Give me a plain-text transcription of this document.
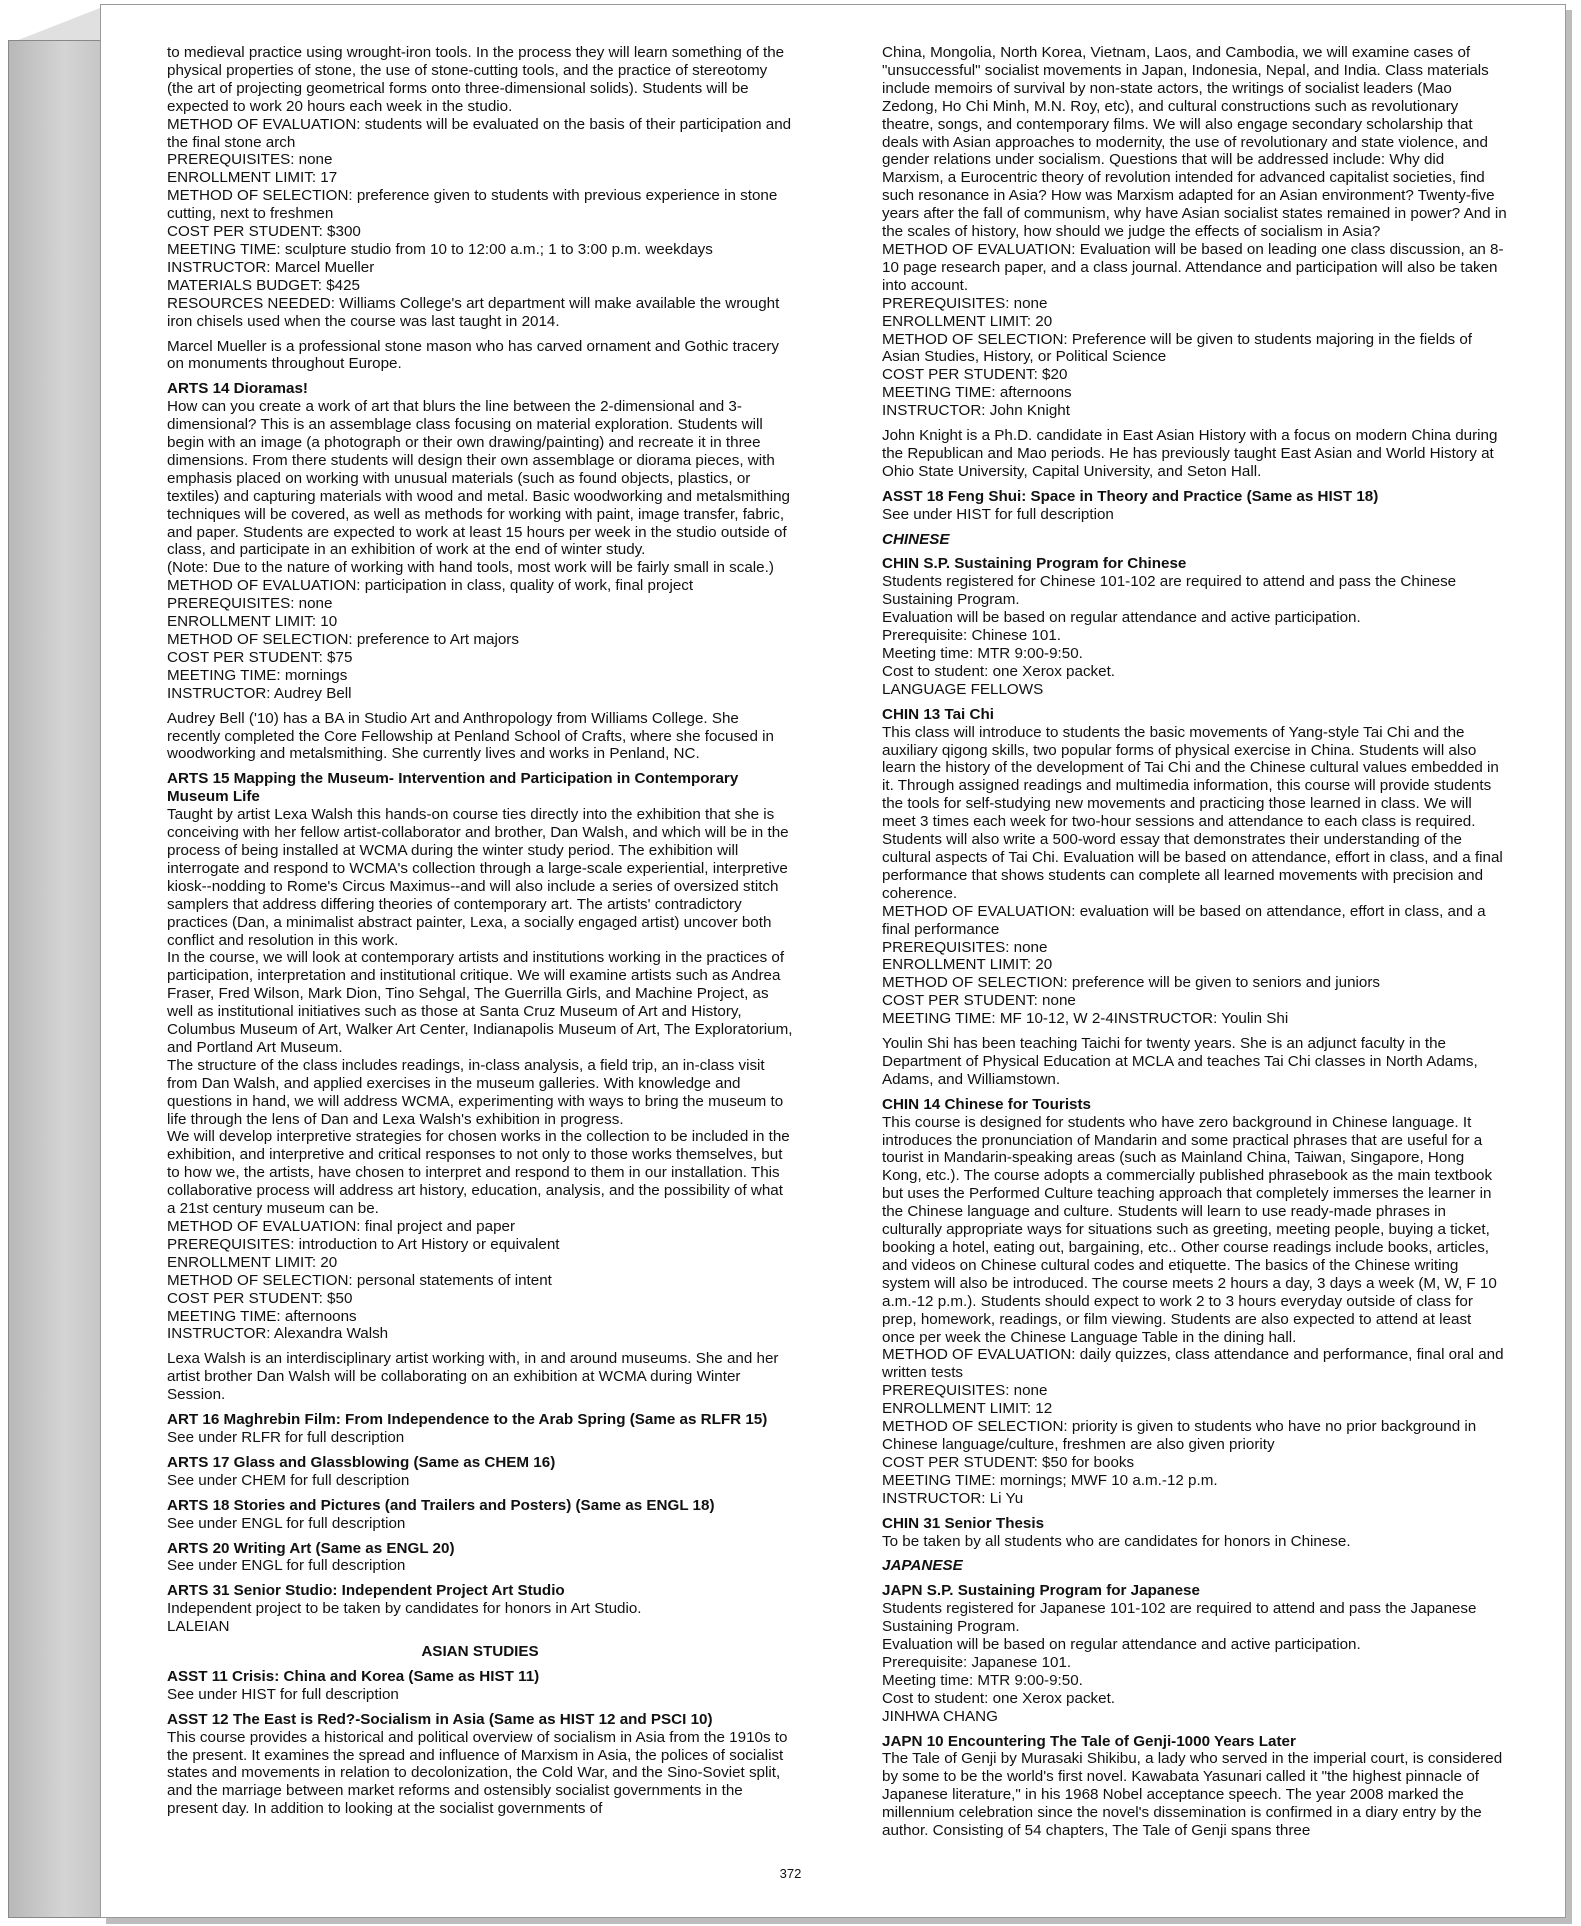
to medieval practice using wrought-iron tools. In the process they will learn something of the physical properties of stone, the use of stone-cutting tools, and the practice of stereotomy (the art of projecting geometrical forms onto three-dimensional solids). Students will be expected to work 20 hours each week in the studio.
METHOD OF EVALUATION: students will be evaluated on the basis of their participation and the final stone arch
PREREQUISITES: none
ENROLLMENT LIMIT: 17
METHOD OF SELECTION: preference given to students with previous experience in stone cutting, next to freshmen
COST PER STUDENT: $300
MEETING TIME: sculpture studio from 10 to 12:00 a.m.; 1 to 3:00 p.m. weekdays
INSTRUCTOR: Marcel Mueller
MATERIALS BUDGET: $425
RESOURCES NEEDED: Williams College's art department will make available the wrought iron chisels used when the course was last taught in 2014.

Marcel Mueller is a professional stone mason who has carved ornament and Gothic tracery on monuments throughout Europe.

ARTS 14 Dioramas!

How can you create a work of art that blurs the line between the 2-dimensional and 3-dimensional? This is an assemblage class focusing on material exploration. Students will begin with an image (a photograph or their own drawing/painting) and recreate it in three dimensions. From there students will design their own assemblage or diorama pieces, with emphasis placed on working with unusual materials (such as found objects, plastics, or textiles) and capturing materials with wood and metal. Basic woodworking and metalsmithing techniques will be covered, as well as methods for working with paint, image transfer, fabric, and paper. Students are expected to work at least 15 hours per week in the studio outside of class, and participate in an exhibition of work at the end of winter study.
(Note: Due to the nature of working with hand tools, most work will be fairly small in scale.)
METHOD OF EVALUATION: participation in class, quality of work, final project
PREREQUISITES: none
ENROLLMENT LIMIT: 10
METHOD OF SELECTION: preference to Art majors
COST PER STUDENT: $75
MEETING TIME: mornings
INSTRUCTOR: Audrey Bell

Audrey Bell ('10) has a BA in Studio Art and Anthropology from Williams College. She recently completed the Core Fellowship at Penland School of Crafts, where she focused in woodworking and metalsmithing. She currently lives and works in Penland, NC.

ARTS 15 Mapping the Museum- Intervention and Participation in Contemporary Museum Life

Taught by artist Lexa Walsh this hands-on course ties directly into the exhibition that she is conceiving with her fellow artist-collaborator and brother, Dan Walsh, and which will be in the process of being installed at WCMA during the winter study period. The exhibition will interrogate and respond to WCMA's collection through a large-scale experiential, interpretive kiosk--nodding to Rome's Circus Maximus--and will also include a series of oversized stitch samplers that address differing theories of contemporary art. The artists' contradictory practices (Dan, a minimalist abstract painter, Lexa, a socially engaged artist) uncover both conflict and resolution in this work.
In the course, we will look at contemporary artists and institutions working in the practices of participation, interpretation and institutional critique. We will examine artists such as Andrea Fraser, Fred Wilson, Mark Dion, Tino Sehgal, The Guerrilla Girls, and Machine Project, as well as institutional initiatives such as those at Santa Cruz Museum of Art and History, Columbus Museum of Art, Walker Art Center, Indianapolis Museum of Art, The Exploratorium, and Portland Art Museum.
The structure of the class includes readings, in-class analysis, a field trip, an in-class visit from Dan Walsh, and applied exercises in the museum galleries. With knowledge and questions in hand, we will address WCMA, experimenting with ways to bring the museum to life through the lens of Dan and Lexa Walsh's exhibition in progress.
We will develop interpretive strategies for chosen works in the collection to be included in the exhibition, and interpretive and critical responses to not only to those works themselves, but to how we, the artists, have chosen to interpret and respond to them in our installation. This collaborative process will address art history, education, analysis, and the possibility of what a 21st century museum can be.
METHOD OF EVALUATION: final project and paper
PREREQUISITES: introduction to Art History or equivalent
ENROLLMENT LIMIT: 20
METHOD OF SELECTION: personal statements of intent
COST PER STUDENT: $50
MEETING TIME: afternoons
INSTRUCTOR: Alexandra Walsh

Lexa Walsh is an interdisciplinary artist working with, in and around museums. She and her artist brother Dan Walsh will be collaborating on an exhibition at WCMA during Winter Session.

ART 16 Maghrebin Film: From Independence to the Arab Spring (Same as RLFR 15)

See under RLFR for full description

ARTS 17 Glass and Glassblowing (Same as CHEM 16)

See under CHEM for full description

ARTS 18 Stories and Pictures (and Trailers and Posters) (Same as ENGL 18)

See under ENGL for full description

ARTS 20 Writing Art (Same as ENGL 20)

See under ENGL for full description

ARTS 31 Senior Studio: Independent Project Art Studio

Independent project to be taken by candidates for honors in Art Studio.
LALEIAN

ASIAN STUDIES

ASST 11 Crisis: China and Korea (Same as HIST 11)

See under HIST for full description

ASST 12 The East is Red?-Socialism in Asia (Same as HIST 12 and PSCI 10)

This course provides a historical and political overview of socialism in Asia from the 1910s to the present. It examines the spread and influence of Marxism in Asia, the polices of socialist states and movements in relation to decolonization, the Cold War, and the Sino-Soviet split, and the marriage between market reforms and ostensibly socialist governments in the present day. In addition to looking at the socialist governments of

China, Mongolia, North Korea, Vietnam, Laos, and Cambodia, we will examine cases of "unsuccessful" socialist movements in Japan, Indonesia, Nepal, and India. Class materials include memoirs of survival by non-state actors, the writings of socialist leaders (Mao Zedong, Ho Chi Minh, M.N. Roy, etc), and cultural constructions such as revolutionary theatre, songs, and contemporary films. We will also engage secondary scholarship that deals with Asian approaches to modernity, the use of revolutionary and state violence, and gender relations under socialism. Questions that will be addressed include: Why did Marxism, a Eurocentric theory of revolution intended for advanced capitalist societies, find such resonance in Asia? How was Marxism adapted for an Asian environment? Twenty-five years after the fall of communism, why have Asian socialist states remained in power? And in the scales of history, how should we judge the effects of socialism in Asia?
METHOD OF EVALUATION: Evaluation will be based on leading one class discussion, an 8-10 page research paper, and a class journal. Attendance and participation will also be taken into account.
PREREQUISITES: none
ENROLLMENT LIMIT: 20
METHOD OF SELECTION: Preference will be given to students majoring in the fields of Asian Studies, History, or Political Science
COST PER STUDENT: $20
MEETING TIME: afternoons
INSTRUCTOR: John Knight

John Knight is a Ph.D. candidate in East Asian History with a focus on modern China during the Republican and Mao periods. He has previously taught East Asian and World History at Ohio State University, Capital University, and Seton Hall.

ASST 18 Feng Shui: Space in Theory and Practice (Same as HIST 18)

See under HIST for full description

CHINESE

CHIN S.P. Sustaining Program for Chinese

Students registered for Chinese 101-102 are required to attend and pass the Chinese Sustaining Program.
Evaluation will be based on regular attendance and active participation.
Prerequisite: Chinese 101.
Meeting time: MTR 9:00-9:50.
Cost to student: one Xerox packet.
LANGUAGE FELLOWS

CHIN 13 Tai Chi

This class will introduce to students the basic movements of Yang-style Tai Chi and the auxiliary qigong skills, two popular forms of physical exercise in China. Students will also learn the history of the development of Tai Chi and the Chinese cultural values embedded in it. Through assigned readings and multimedia information, this course will provide students the tools for self-studying new movements and practicing those learned in class. We will meet 3 times each week for two-hour sessions and attendance to each class is required. Students will also write a 500-word essay that demonstrates their understanding of the cultural aspects of Tai Chi. Evaluation will be based on attendance, effort in class, and a final performance that shows students can complete all learned movements with precision and coherence.
METHOD OF EVALUATION: evaluation will be based on attendance, effort in class, and a final performance
PREREQUISITES: none
ENROLLMENT LIMIT: 20
METHOD OF SELECTION: preference will be given to seniors and juniors
COST PER STUDENT: none
MEETING TIME: MF 10-12, W 2-4INSTRUCTOR: Youlin Shi

Youlin Shi has been teaching Taichi for twenty years. She is an adjunct faculty in the Department of Physical Education at MCLA and teaches Tai Chi classes in North Adams, Adams, and Williamstown.

CHIN 14 Chinese for Tourists

This course is designed for students who have zero background in Chinese language. It introduces the pronunciation of Mandarin and some practical phrases that are useful for a tourist in Mandarin-speaking areas (such as Mainland China, Taiwan, Singapore, Hong Kong, etc.). The course adopts a commercially published phrasebook as the main textbook but uses the Performed Culture teaching approach that completely immerses the learner in the Chinese language and culture. Students will learn to use ready-made phrases in culturally appropriate ways for situations such as greeting, meeting people, buying a ticket, booking a hotel, eating out, bargaining, etc.. Other course readings include books, articles, and videos on Chinese cultural codes and etiquette. The basics of the Chinese writing system will also be introduced. The course meets 2 hours a day, 3 days a week (M, W, F 10 a.m.-12 p.m.). Students should expect to work 2 to 3 hours everyday outside of class for prep, homework, readings, or film viewing. Students are also expected to attend at least once per week the Chinese Language Table in the dining hall.
METHOD OF EVALUATION: daily quizzes, class attendance and performance, final oral and written tests
PREREQUISITES: none
ENROLLMENT LIMIT: 12
METHOD OF SELECTION: priority is given to students who have no prior background in Chinese language/culture, freshmen are also given priority
COST PER STUDENT: $50 for books
MEETING TIME: mornings; MWF 10 a.m.-12 p.m.
INSTRUCTOR: Li Yu

CHIN 31 Senior Thesis

To be taken by all students who are candidates for honors in Chinese.

JAPANESE

JAPN S.P. Sustaining Program for Japanese

Students registered for Japanese 101-102 are required to attend and pass the Japanese Sustaining Program.
Evaluation will be based on regular attendance and active participation.
Prerequisite: Japanese 101.
Meeting time: MTR 9:00-9:50.
Cost to student: one Xerox packet.
JINHWA CHANG

JAPN 10 Encountering The Tale of Genji-1000 Years Later

The Tale of Genji by Murasaki Shikibu, a lady who served in the imperial court, is considered by some to be the world's first novel. Kawabata Yasunari called it "the highest pinnacle of Japanese literature," in his 1968 Nobel acceptance speech. The year 2008 marked the millennium celebration since the novel's dissemination is confirmed in a diary entry by the author. Consisting of 54 chapters, The Tale of Genji spans three

372
